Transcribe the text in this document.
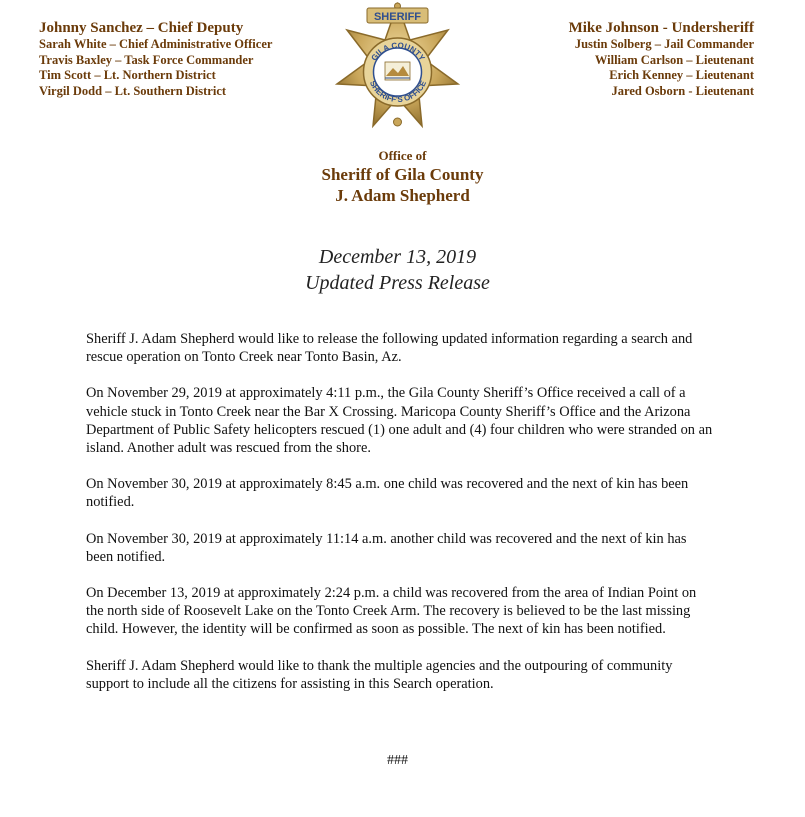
Johnny Sanchez – Chief Deputy
Sarah White – Chief Administrative Officer
Travis Baxley – Task Force Commander
Tim Scott – Lt. Northern District
Virgil Dodd – Lt. Southern District
SHERIFF
GILA COUNTY
SHERIFF'S OFFICE
Mike Johnson - Undersheriff
Justin Solberg – Jail Commander
William Carlson – Lieutenant
Erich Kenney – Lieutenant
Jared Osborn - Lieutenant
Office of
Sheriff of Gila County
J. Adam Shepherd
December 13, 2019
Updated Press Release

Sheriff J. Adam Shepherd would like to release the following updated information regarding a search and rescue operation on Tonto Creek near Tonto Basin, Az.

On November 29, 2019 at approximately 4:11 p.m., the Gila County Sheriff’s Office received a call of a vehicle stuck in Tonto Creek near the Bar X Crossing. Maricopa County Sheriff’s Office and the Arizona Department of Public Safety helicopters rescued (1) one adult and (4) four children who were stranded on an island. Another adult was rescued from the shore.

On November 30, 2019 at approximately 8:45 a.m. one child was recovered and the next of kin has been notified.

On November 30, 2019 at approximately 11:14 a.m. another child was recovered and the next of kin has been notified.

On December 13, 2019 at approximately 2:24 p.m. a child was recovered from the area of Indian Point on the north side of Roosevelt Lake on the Tonto Creek Arm. The recovery is believed to be the last missing child. However, the identity will be confirmed as soon as possible. The next of kin has been notified.

Sheriff J. Adam Shepherd would like to thank the multiple agencies and the outpouring of community support to include all the citizens for assisting in this Search operation.

###
